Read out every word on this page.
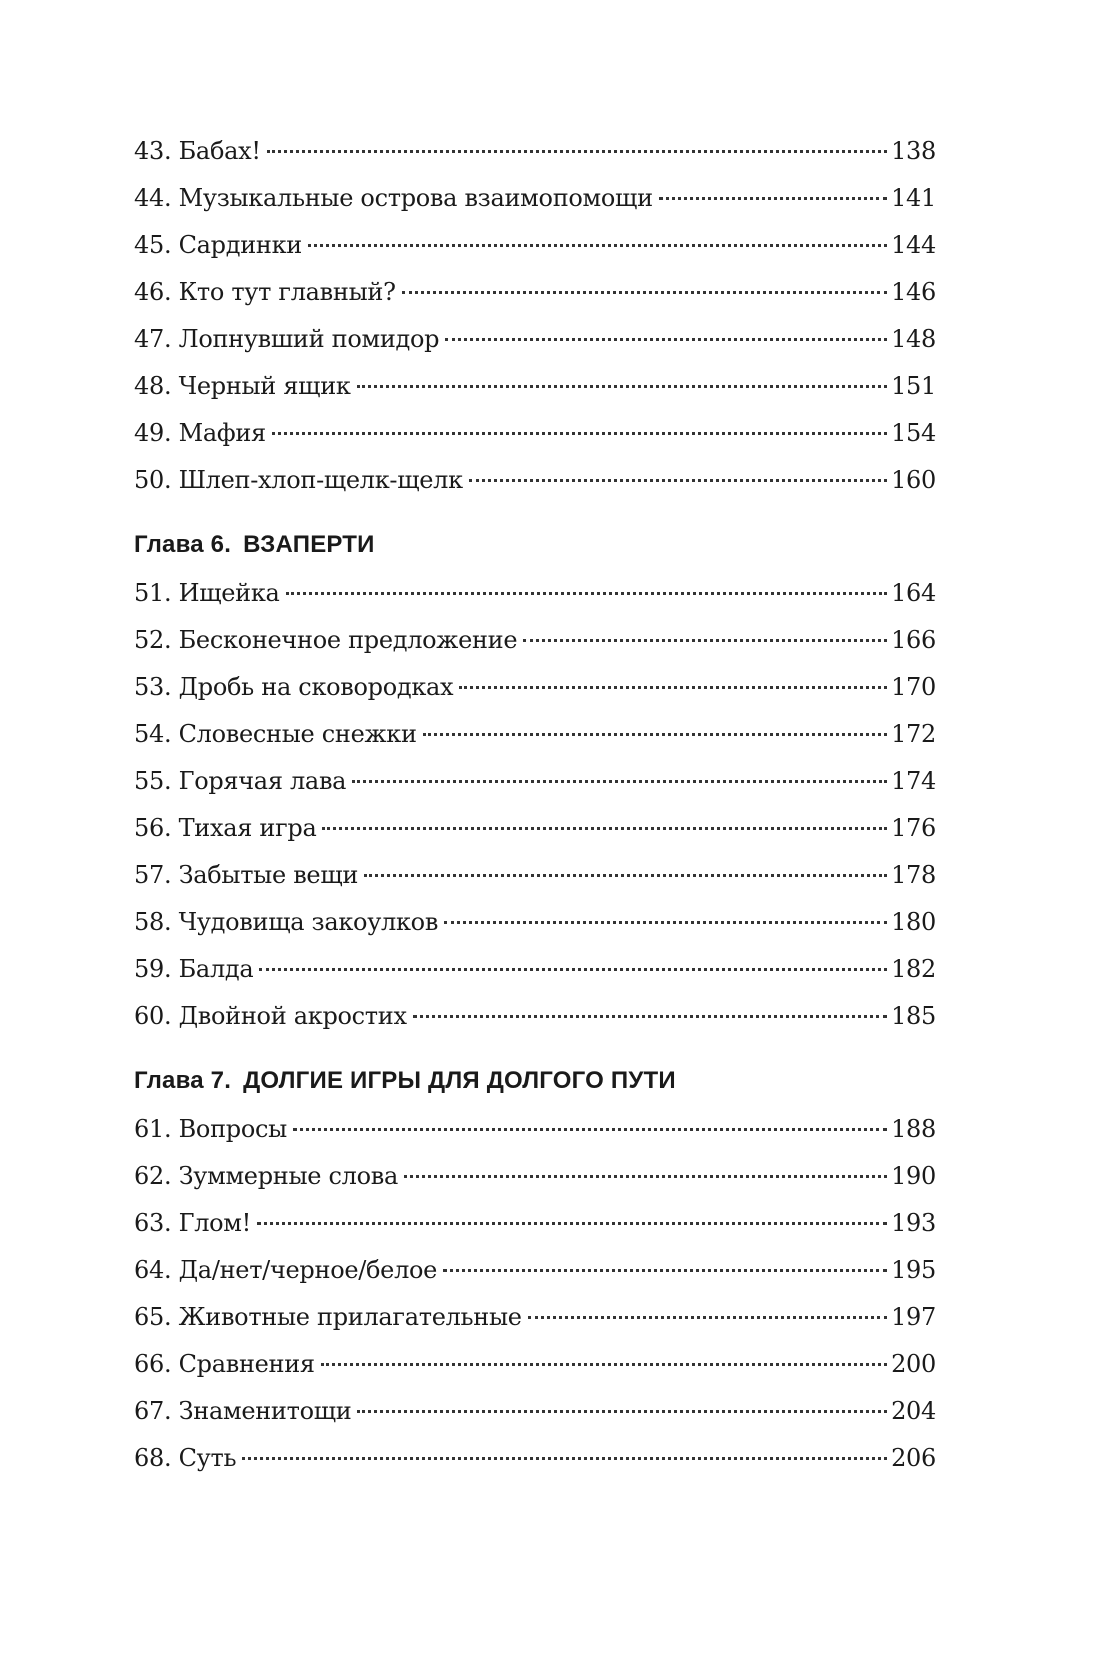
43. Бабах!	138
44. Музыкальные острова взаимопомощи	141
45. Сардинки	144
46. Кто тут главный?	146
47. Лопнувший помидор	148
48. Черный ящик	151
49. Мафия	154
50. Шлеп-хлоп-щелк-щелк	160
Глава 6. ВЗАПЕРТИ
51. Ищейка	164
52. Бесконечное предложение	166
53. Дробь на сковородках	170
54. Словесные снежки	172
55. Горячая лава	174
56. Тихая игра	176
57. Забытые вещи	178
58. Чудовища закоулков	180
59. Балда	182
60. Двойной акростих	185
Глава 7. ДОЛГИЕ ИГРЫ ДЛЯ ДОЛГОГО ПУТИ
61. Вопросы	188
62. Зуммерные слова	190
63. Глом!	193
64. Да/нет/черное/белое	195
65. Животные прилагательные	197
66. Сравнения	200
67. Знаменитощи	204
68. Суть	206
